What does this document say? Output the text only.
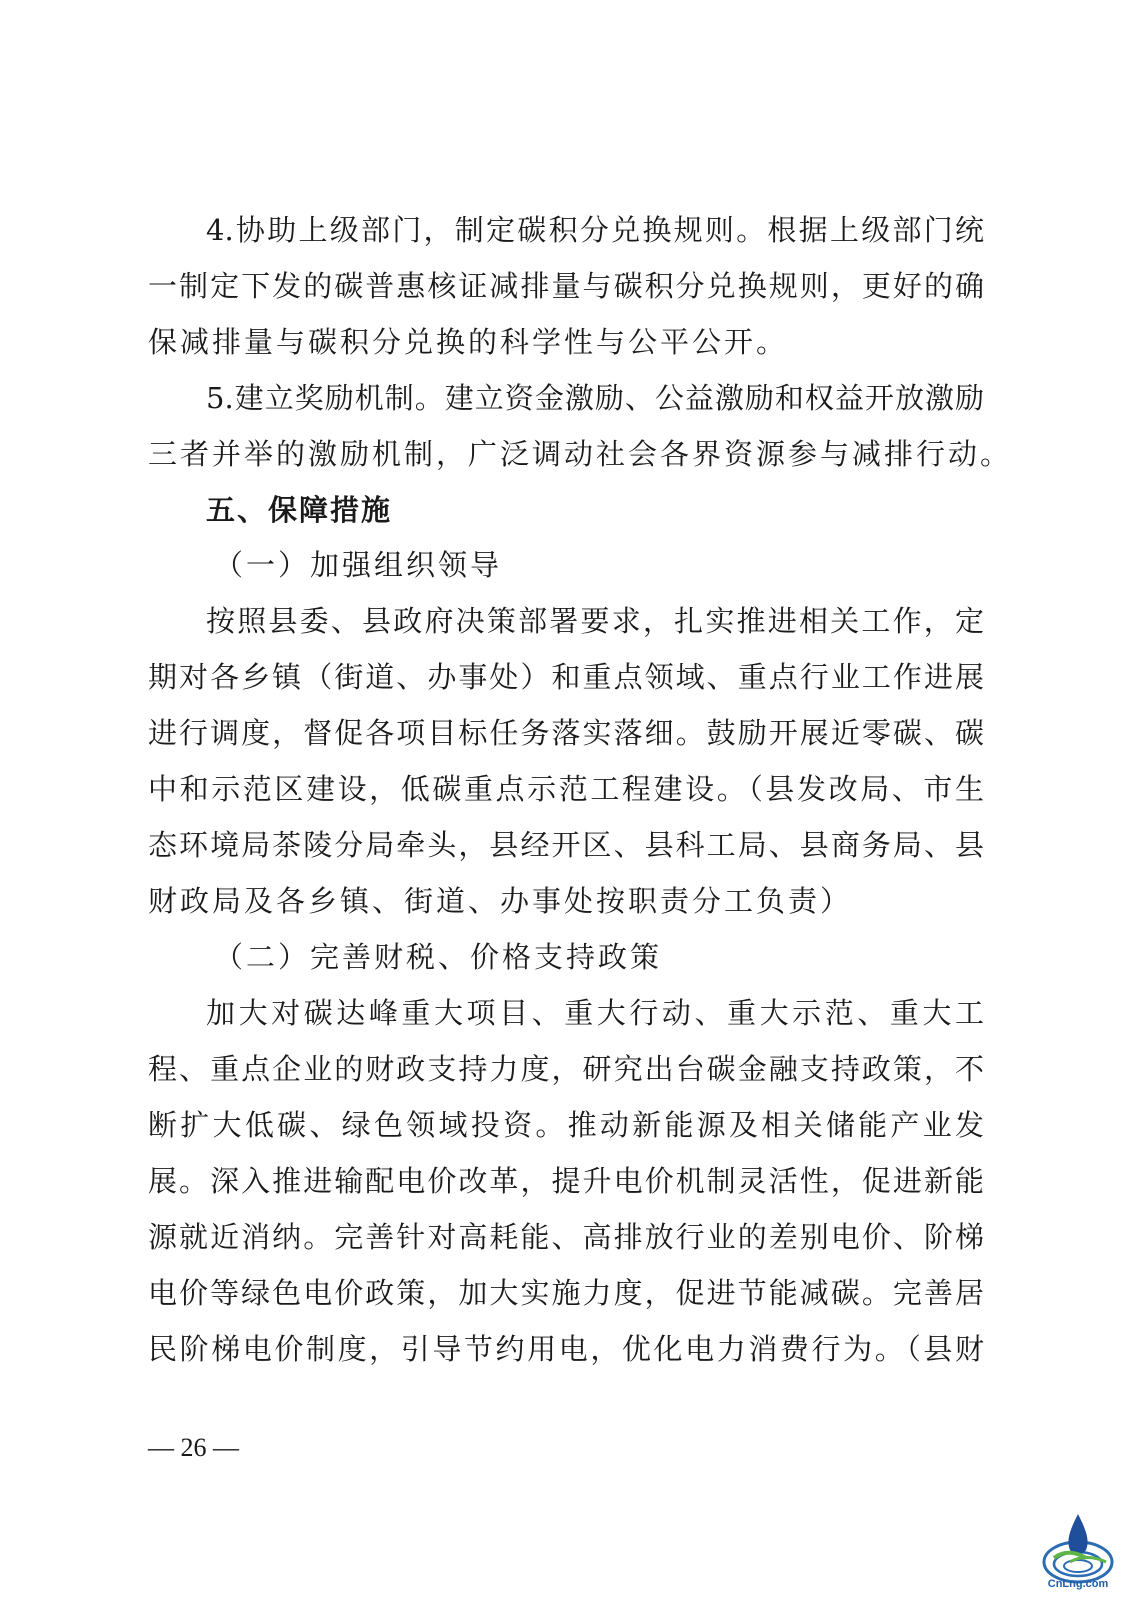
4.协助上级部门，制定碳积分兑换规则。根据上级部门统
一制定下发的碳普惠核证减排量与碳积分兑换规则，更好的确
保减排量与碳积分兑换的科学性与公平公开。
5.建立奖励机制。建立资金激励、公益激励和权益开放激励
三者并举的激励机制，广泛调动社会各界资源参与减排行动。
五、保障措施
（一）加强组织领导
按照县委、县政府决策部署要求，扎实推进相关工作，定
期对各乡镇（街道、办事处）和重点领域、重点行业工作进展
进行调度，督促各项目标任务落实落细。鼓励开展近零碳、碳
中和示范区建设，低碳重点示范工程建设。（县发改局、市生
态环境局茶陵分局牵头，县经开区、县科工局、县商务局、县
财政局及各乡镇、街道、办事处按职责分工负责）
（二）完善财税、价格支持政策
加大对碳达峰重大项目、重大行动、重大示范、重大工
程、重点企业的财政支持力度，研究出台碳金融支持政策，不
断扩大低碳、绿色领域投资。推动新能源及相关储能产业发
展。深入推进输配电价改革，提升电价机制灵活性，促进新能
源就近消纳。完善针对高耗能、高排放行业的差别电价、阶梯
电价等绿色电价政策，加大实施力度，促进节能减碳。完善居
民阶梯电价制度，引导节约用电，优化电力消费行为。（县财
— 26 —
CnLng.com
